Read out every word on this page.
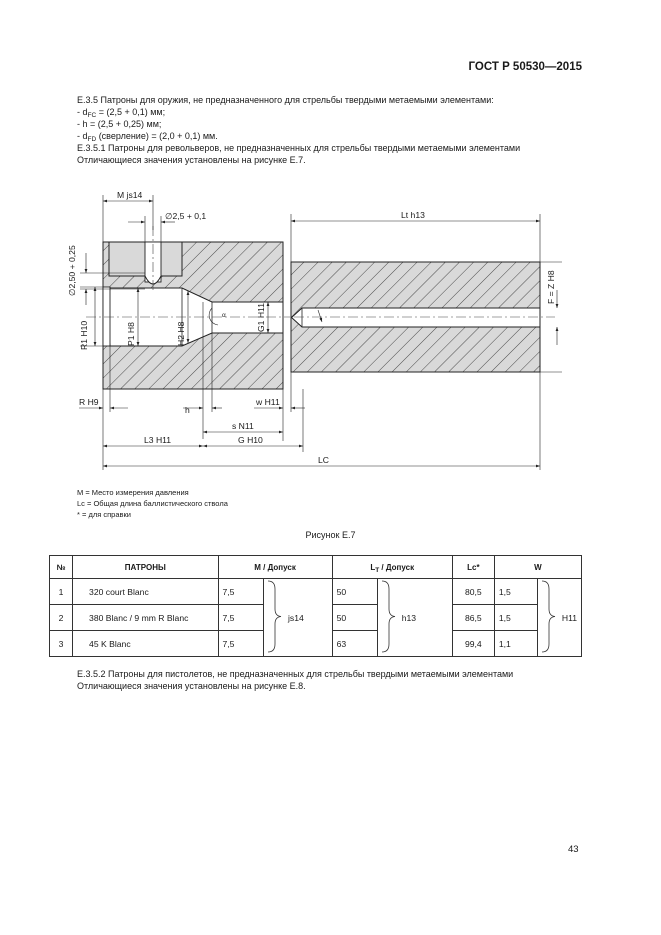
ГОСТ Р 50530—2015
E.3.5 Патроны для оружия, не предназначенного для стрельбы твердыми метаемыми элементами:
- $d_{FC} = (2,5 + 0,1)$ мм;
- h = (2,5 + 0,25) мм;
- $d_{FD}$ (сверление) = (2,0 + 0,1) мм.
E.3.5.1 Патроны для револьверов, не предназначенных для стрельбы твердыми метаемыми элементами
Отличающиеся значения установлены на рисунке E.7.
M js14
∅2,5 + 0,1	Lt h13
∅2,50 + 0,25
R1 H10	P1 H8	H2 H8
G1 H11
F = Z H8
R H9
h
w H11
s N11
L3 H11	G H10
LC
α
M = Место измерения давления
Lc = Общая длина баллистического ствола
* = для справки
Рисунок E.7
№	ПАТРОНЫ	M / Допуск		$L_T$ / Допуск		Lc*	W	
1	320 court Blanc	7,5	js14	50	h13	80,5	1,5	H11
2	380 Blanc / 9 mm R Blanc	7,5		50		86,5	1,5	
3	45 K Blanc	7,5		63		99,4	1,1	
E.3.5.2 Патроны для пистолетов, не предназначенных для стрельбы твердыми метаемыми элементами
Отличающиеся значения установлены на рисунке E.8.
43
